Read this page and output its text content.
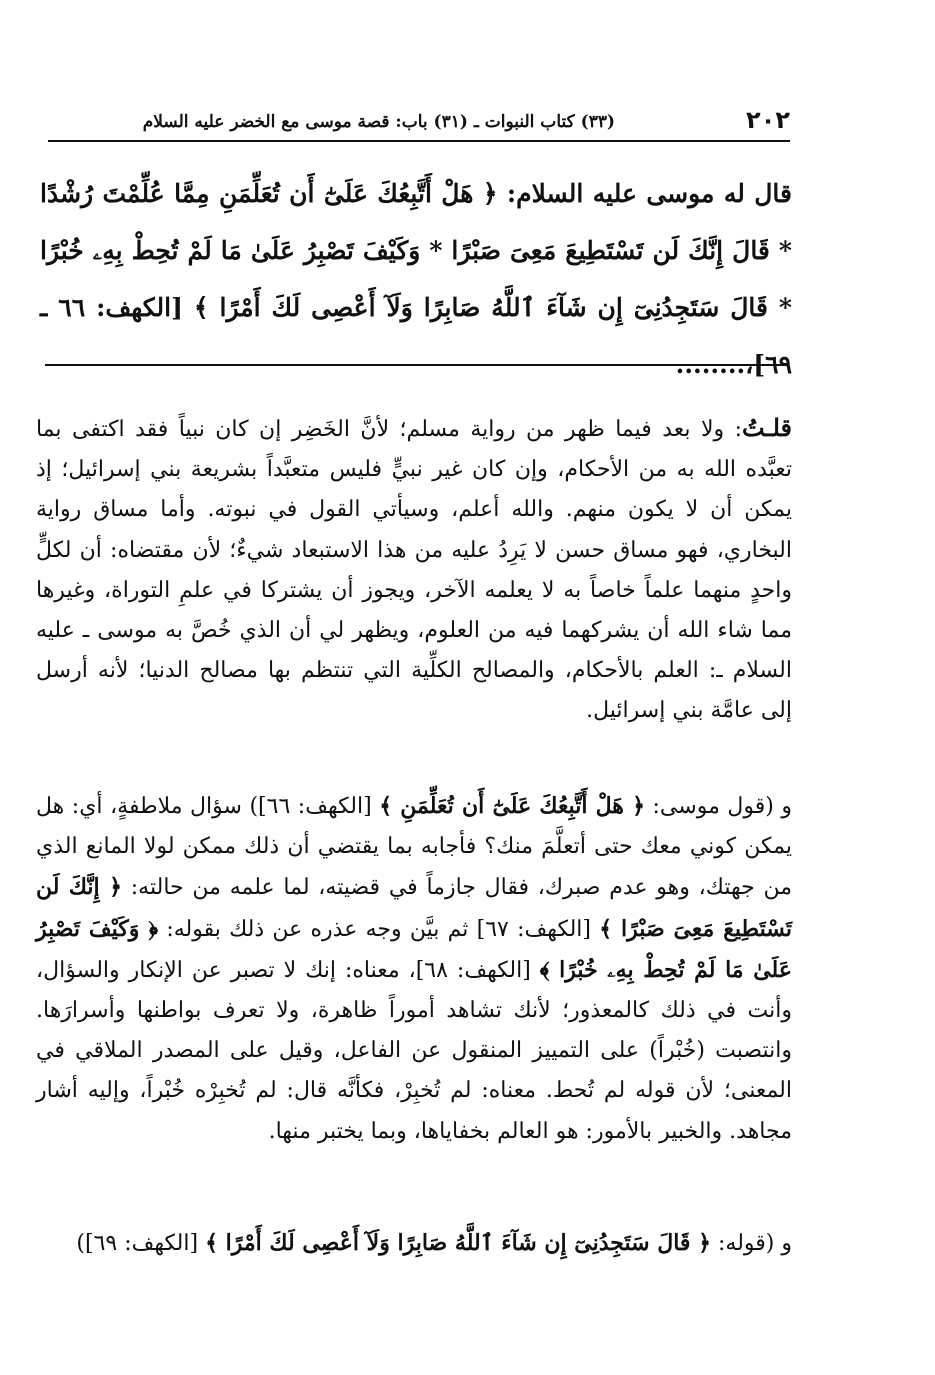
٢٠٢
(٣٣) كتاب النبوات ـ (٣١) باب: قصة موسى مع الخضر عليه السلام
قال له موسى عليه السلام: ﴿ هَلْ أَتَّبِعُكَ عَلَىٰٓ أَن تُعَلِّمَنِ مِمَّا عُلِّمْتَ رُشْدًا * قَالَ إِنَّكَ لَن تَسْتَطِيعَ مَعِىَ صَبْرًا * وَكَيْفَ تَصْبِرُ عَلَىٰ مَا لَمْ تُحِطْ بِهِۦ خُبْرًا * قَالَ سَتَجِدُنِىٓ إِن شَآءَ ٱللَّهُ صَابِرًا وَلَآ أَعْصِى لَكَ أَمْرًا ﴾ [الكهف: ٦٦ ـ ٦٩]،........

قلـتُ: ولا بعد فيما ظهر من رواية مسلم؛ لأنَّ الخَضِر إن كان نبياً فقد اكتفى بما تعبَّده الله به من الأحكام، وإن كان غير نبيٍّ فليس متعبَّداً بشريعة بني إسرائيل؛ إذ يمكن أن لا يكون منهم. والله أعلم، وسيأتي القول في نبوته. وأما مساق رواية البخاري، فهو مساق حسن لا يَرِدُ عليه من هذا الاستبعاد شيءٌ؛ لأن مقتضاه: أن لكلٍّ واحدٍ منهما علماً خاصاً به لا يعلمه الآخر، ويجوز أن يشتركا في علمِ التوراة، وغيرها مما شاء الله أن يشركهما فيه من العلوم، ويظهر لي أن الذي خُصَّ به موسى ـ عليه السلام ـ: العلم بالأحكام، والمصالح الكلِّية التي تنتظم بها مصالح الدنيا؛ لأنه أرسل إلى عامَّة بني إسرائيل.

و (قول موسى: ﴿ هَلْ أَتَّبِعُكَ عَلَىٰٓ أَن تُعَلِّمَنِ ﴾ [الكهف: ٦٦]) سؤال ملاطفةٍ، أي: هل يمكن كوني معك حتى أتعلَّمَ منك؟ فأجابه بما يقتضي أن ذلك ممكن لولا المانع الذي من جهتك، وهو عدم صبرك، فقال جازماً في قضيته، لما علمه من حالته: ﴿ إِنَّكَ لَن تَسْتَطِيعَ مَعِىَ صَبْرًا ﴾ [الكهف: ٦٧] ثم بيَّن وجه عذره عن ذلك بقوله: ﴿ وَكَيْفَ تَصْبِرُ عَلَىٰ مَا لَمْ تُحِطْ بِهِۦ خُبْرًا ﴾ [الكهف: ٦٨]، معناه: إنك لا تصبر عن الإنكار والسؤال، وأنت في ذلك كالمعذور؛ لأنك تشاهد أموراً ظاهرة، ولا تعرف بواطنها وأسرارَها. وانتصبت (خُبْراً) على التمييز المنقول عن الفاعل، وقيل على المصدر الملاقي في المعنى؛ لأن قوله لم تُحط. معناه: لم تُخبِرْ، فكأنَّه قال: لم تُخبِرْه خُبْراً، وإليه أشار مجاهد. والخبير بالأمور: هو العالم بخفاياها، وبما يختبر منها.

و (قوله: ﴿ قَالَ سَتَجِدُنِىٓ إِن شَآءَ ٱللَّهُ صَابِرًا وَلَآ أَعْصِى لَكَ أَمْرًا ﴾ [الكهف: ٦٩])
